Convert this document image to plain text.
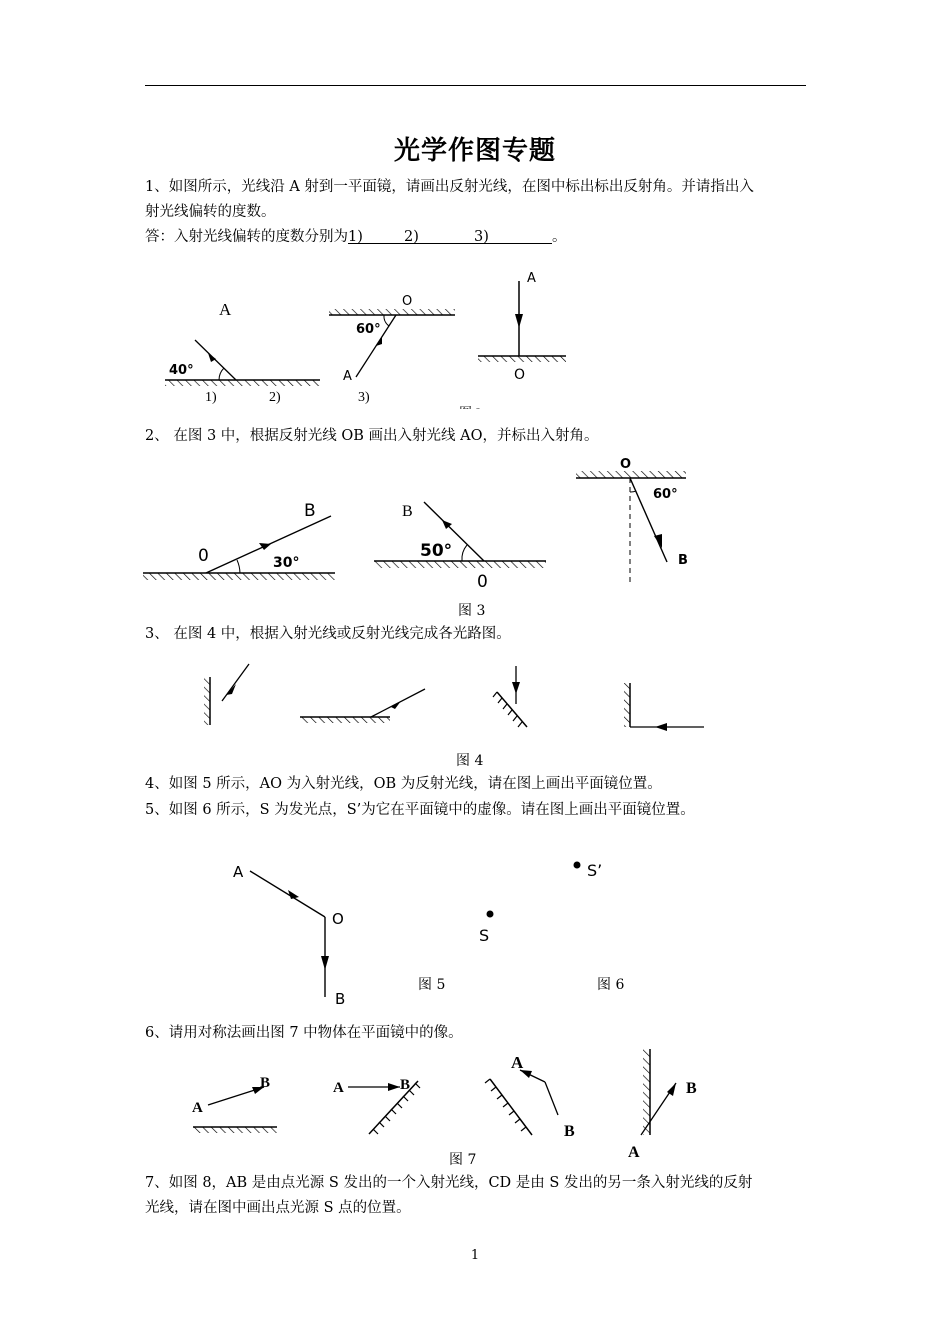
光学作图专题
1、如图所示，光线沿 A 射到一平面镜，请画出反射光线，在图中标出标出反射角。并请指出入
射光线偏转的度数。
答：入射光线偏转的度数分别为1)	2)	3)	。
2、 在图 3 中，根据反射光线 OB 画出入射光线 AO，并标出入射角。
3、 在图 4 中，根据入射光线或反射光线完成各光路图。
4、如图 5 所示，AO 为入射光线，OB 为反射光线，请在图上画出平面镜位置。
5、如图 6 所示，S 为发光点，S’为它在平面镜中的虚像。请在图上画出平面镜位置。
6、请用对称法画出图 7 中物体在平面镜中的像。
7、如图 8，AB 是由点光源 S 发出的一个入射光线，CD 是由 S 发出的另一条入射光线的反射
光线，请在图中画出点光源 S 点的位置。
图 3
图 4
图 5	图 6
图 7
1
A
40°
O
60°
A
A
O
1)	2)	3)
B
0	30°
B
50°
0
O
60°
B
A
O
B
S
S’
A
B	A	B
A
B
A
B
